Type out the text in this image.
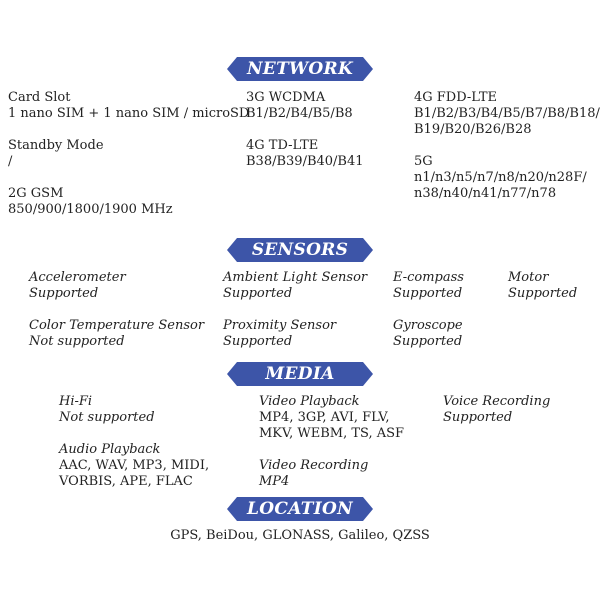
NETWORK
Card Slot
1 nano SIM + 1 nano SIM / microSD
Standby Mode
/
2G GSM
850/900/1800/1900 MHz
3G WCDMA
B1/B2/B4/B5/B8
4G TD-LTE
B38/B39/B40/B41
4G FDD-LTE
B1/B2/B3/B4/B5/B7/B8/B18/
B19/B20/B26/B28
5G
n1/n3/n5/n7/n8/n20/n28F/
n38/n40/n41/n77/n78
SENSORS
Accelerometer
Supported
Ambient Light Sensor
Supported
E-compass
Supported
Motor
Supported
Color Temperature Sensor
Not supported
Proximity Sensor
Supported
Gyroscope
Supported
MEDIA
Hi-Fi
Not supported
Video Playback
MP4, 3GP, AVI, FLV,
MKV, WEBM, TS, ASF
Voice Recording
Supported
Audio Playback
AAC, WAV, MP3, MIDI,
VORBIS, APE, FLAC
Video Recording
MP4
LOCATION
GPS, BeiDou, GLONASS, Galileo, QZSS
